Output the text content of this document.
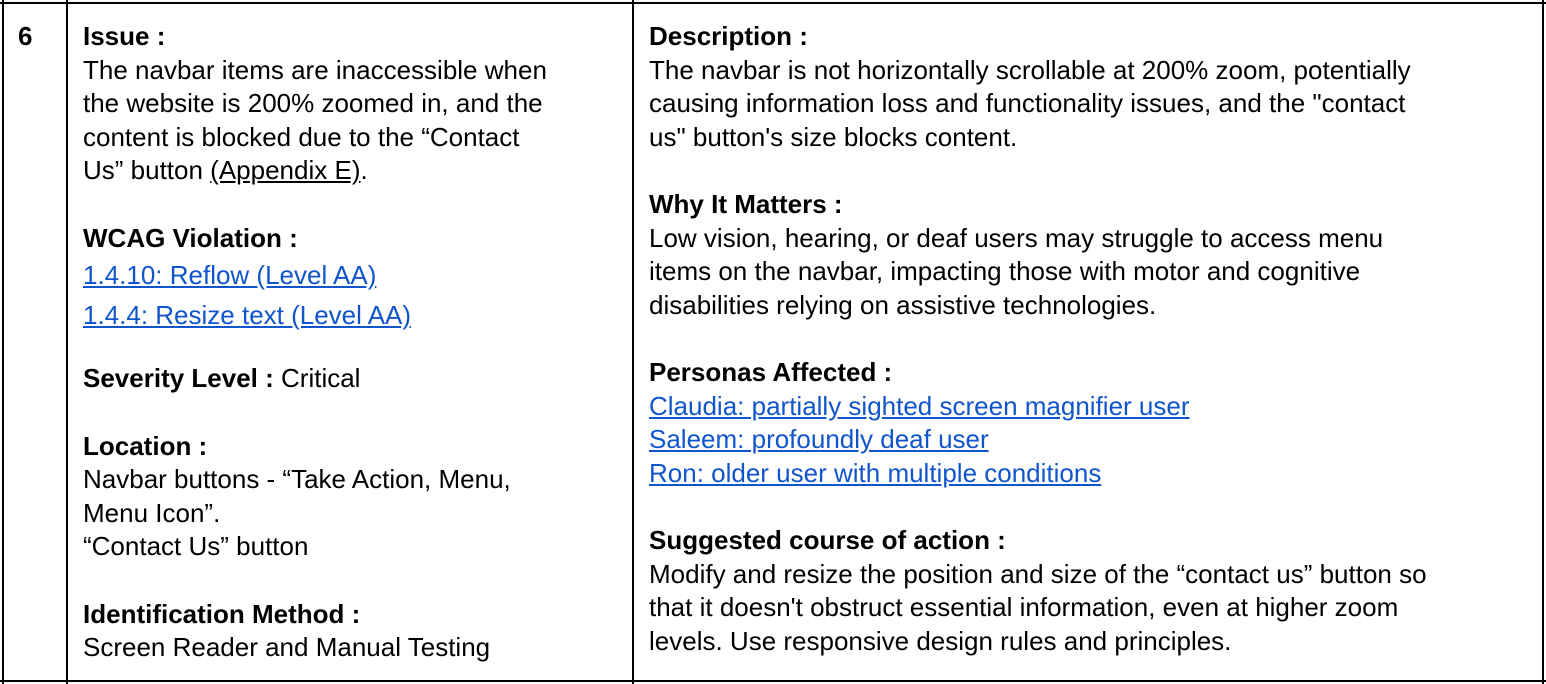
6 Issue :

The navbar items are inaccessible when

the website is 200% zoomed in, and the

content is blocked due to the “Contact

Us” button (Appendix E).

WCAG Violation :

1.4.10: Reflow (Level AA)

1.4.4: Resize text (Level AA)

Severity Level : Critical

Location :

Navbar buttons - “Take Action, Menu,

Menu Icon”.

“Contact Us” button

Identification Method :

Screen Reader and Manual Testing

Description :

The navbar is not horizontally scrollable at 200% zoom, potentially

causing information loss and functionality issues, and the "contact

us" button's size blocks content.

Why It Matters :

Low vision, hearing, or deaf users may struggle to access menu

items on the navbar, impacting those with motor and cognitive

disabilities relying on assistive technologies.

Personas Affected :

Claudia: partially sighted screen magnifier user

Saleem: profoundly deaf user

Ron: older user with multiple conditions

Suggested course of action :

Modify and resize the position and size of the “contact us” button so

that it doesn't obstruct essential information, even at higher zoom

levels. Use responsive design rules and principles.
